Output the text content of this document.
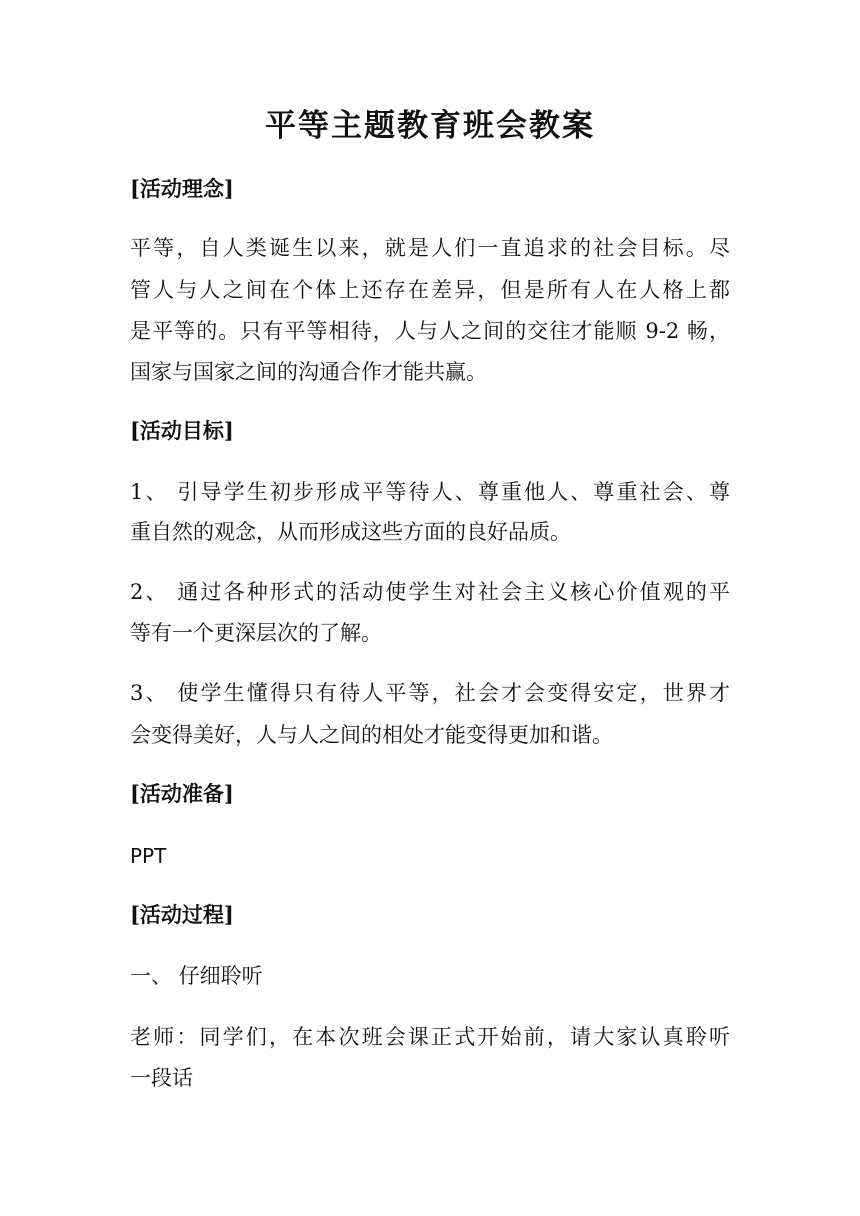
平等主题教育班会教案
[活动理念]
平等，自人类诞生以来，就是人们一直追求的社会目标。尽
管人与人之间在个体上还存在差异，但是所有人在人格上都
是平等的。只有平等相待，人与人之间的交往才能顺 9-2 畅，
国家与国家之间的沟通合作才能共赢。
[活动目标]
1、 引导学生初步形成平等待人、尊重他人、尊重社会、尊
重自然的观念，从而形成这些方面的良好品质。
2、 通过各种形式的活动使学生对社会主义核心价值观的平
等有一个更深层次的了解。
3、 使学生懂得只有待人平等，社会才会变得安定，世界才
会变得美好，人与人之间的相处才能变得更加和谐。
[活动准备]
PPT
[活动过程]
一、 仔细聆听
老师：同学们，在本次班会课正式开始前，请大家认真聆听
一段话
